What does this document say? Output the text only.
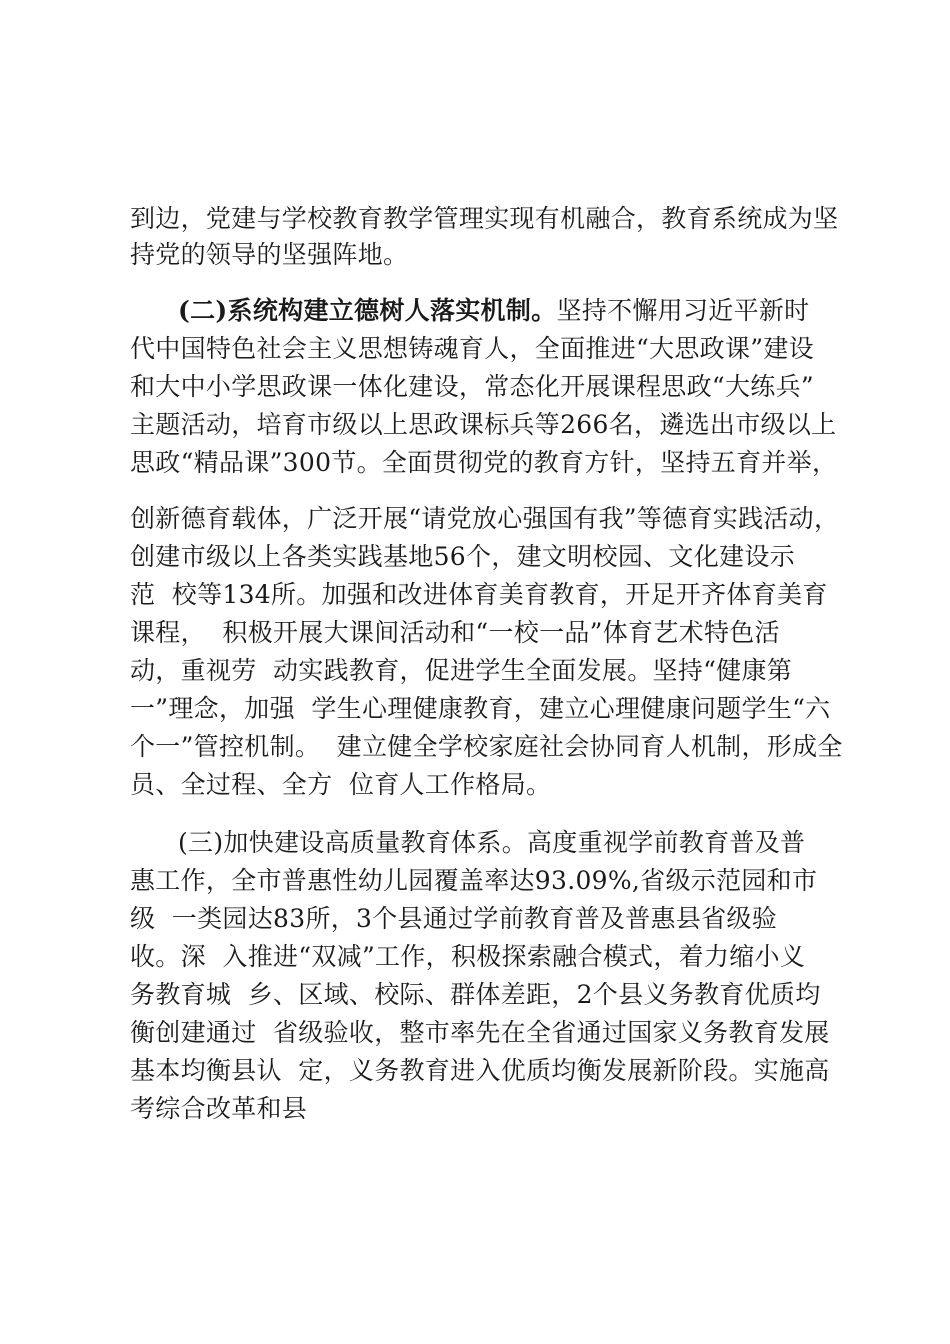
到边，党建与学校教育教学管理实现有机融合，教育系统成为坚

持党的领导的坚强阵地。

(二)系统构建立德树人落实机制。坚持不懈用习近平新时

代中国特色社会主义思想铸魂育人，全面推进“大思政课”建设

和大中小学思政课一体化建设，常态化开展课程思政“大练兵”

主题活动，培育市级以上思政课标兵等266名，遴选出市级以上

思政“精品课”300节。全面贯彻党的教育方针，坚持五育并举，

创新德育载体，广泛开展“请党放心强国有我”等德育实践活动，

创建市级以上各类实践基地56个，建文明校园、文化建设示

范  校等134所。加强和改进体育美育教育，开足开齐体育美育

课程，  积极开展大课间活动和“一校一品”体育艺术特色活

动，重视劳  动实践教育，促进学生全面发展。坚持“健康第

一”理念，加强  学生心理健康教育，建立心理健康问题学生“六

个一”管控机制。  建立健全学校家庭社会协同育人机制，形成全

员、全过程、全方  位育人工作格局。

(三)加快建设高质量教育体系。高度重视学前教育普及普

惠工作，全市普惠性幼儿园覆盖率达93.09%,省级示范园和市

级  一类园达83所，3个县通过学前教育普及普惠县省级验

收。深  入推进“双减”工作，积极探索融合模式，着力缩小义

务教育城  乡、区域、校际、群体差距，2个县义务教育优质均

衡创建通过  省级验收，整市率先在全省通过国家义务教育发展

基本均衡县认  定，义务教育进入优质均衡发展新阶段。实施高

考综合改革和县
